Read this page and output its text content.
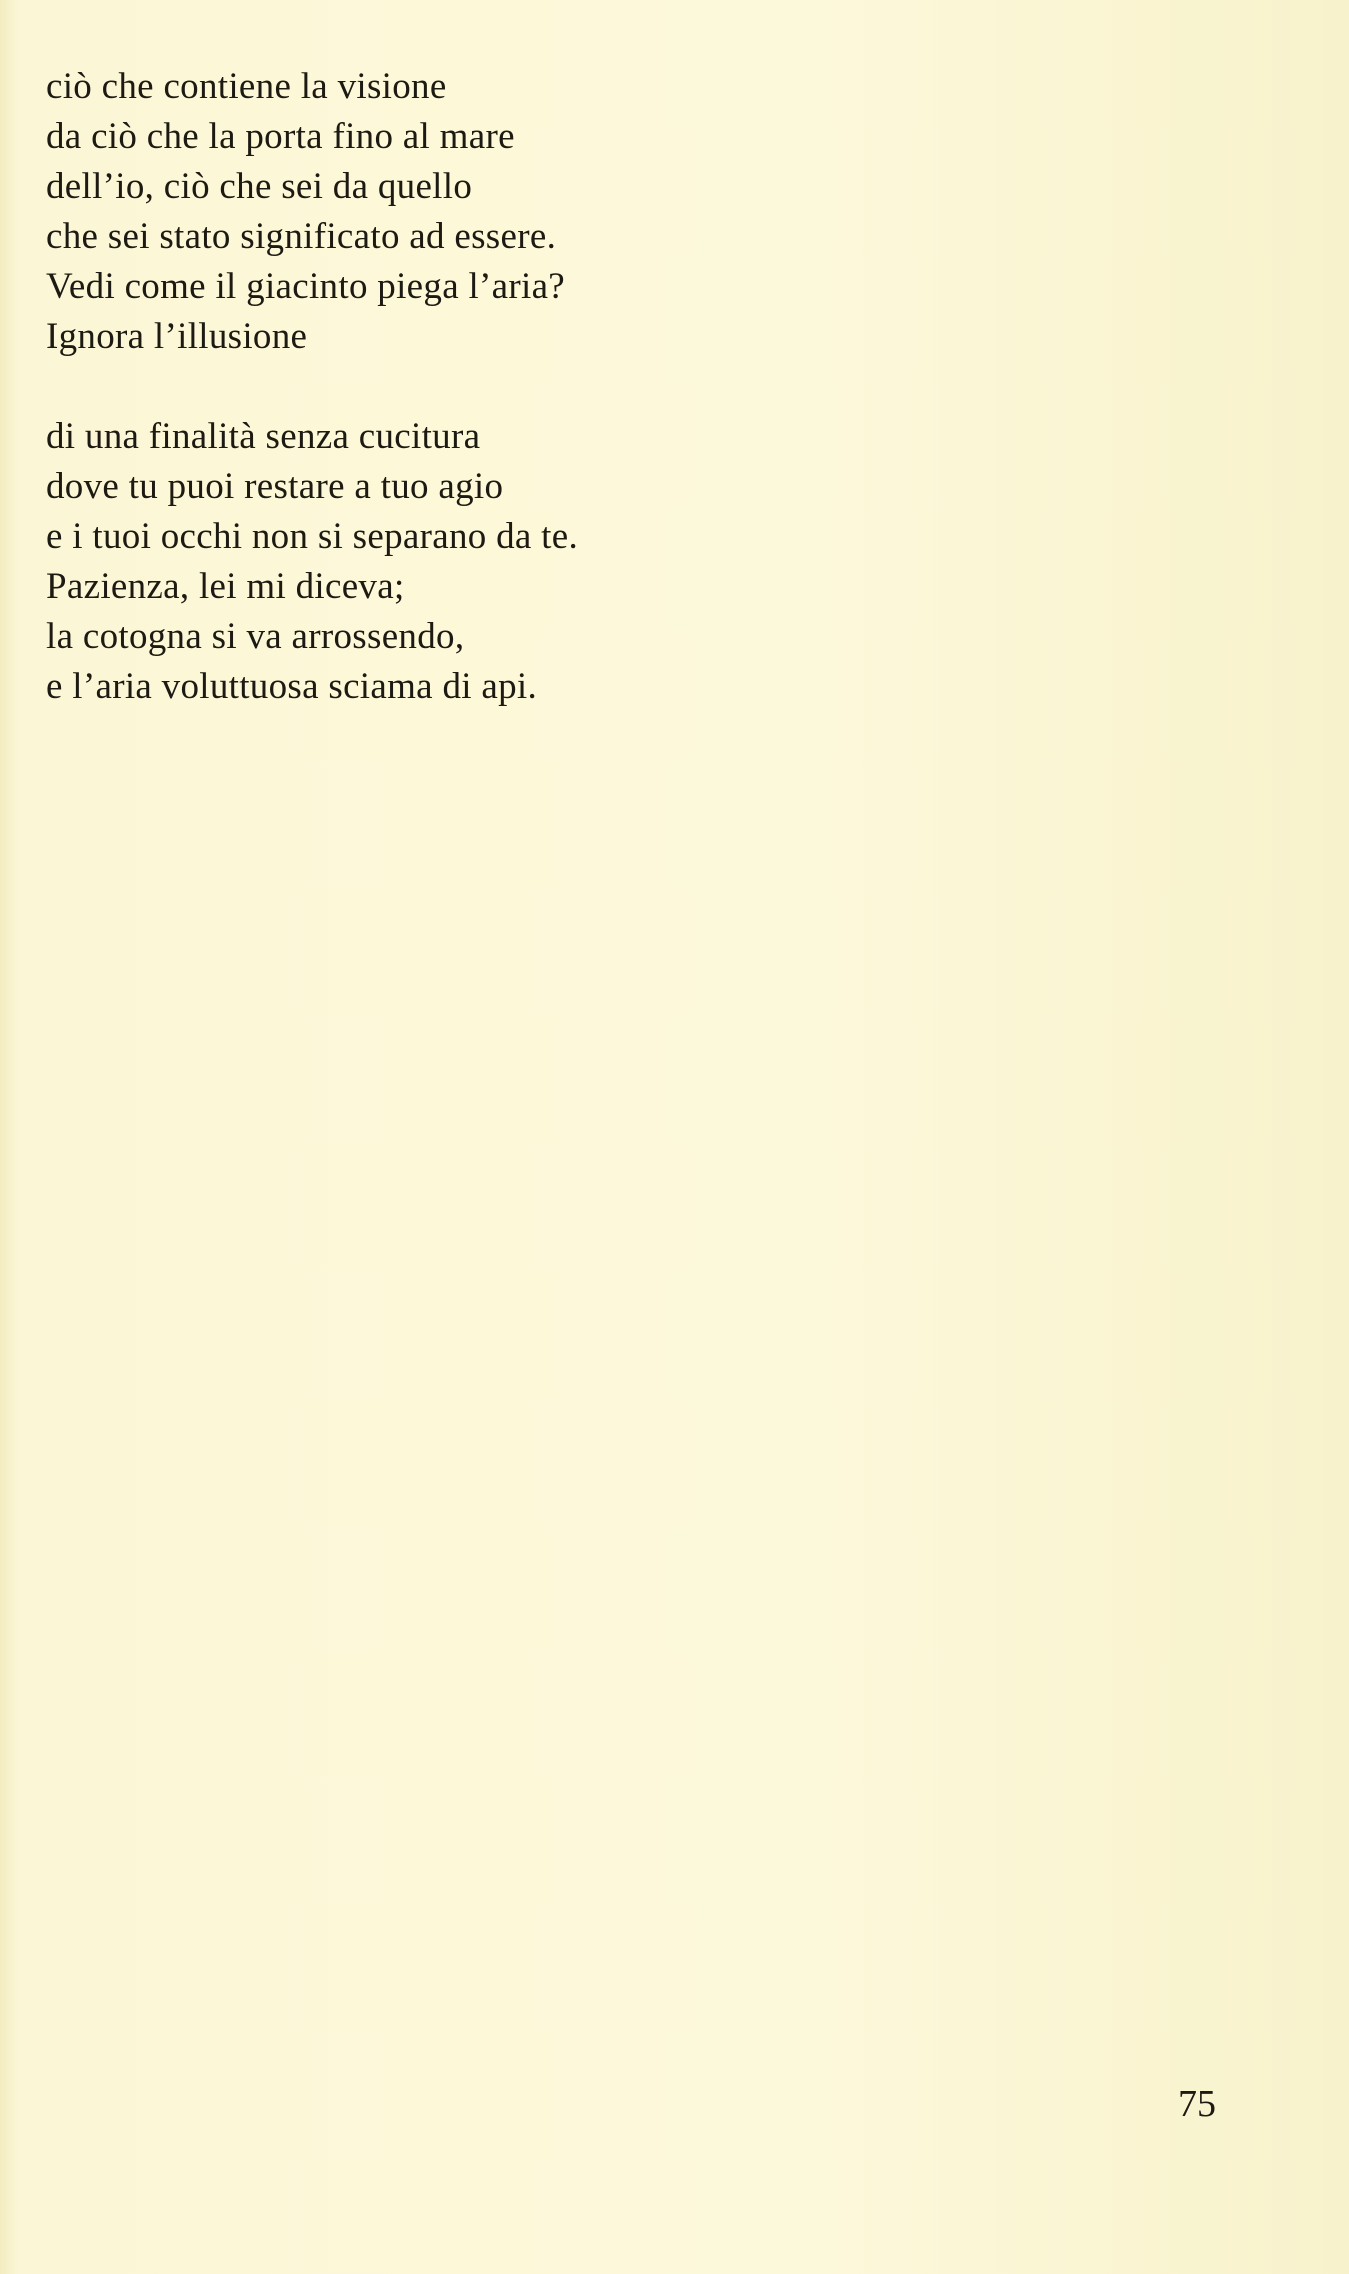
ciò che contiene la visione
da ciò che la porta fino al mare
dell’io, ciò che sei da quello
che sei stato significato ad essere.
Vedi come il giacinto piega l’aria?
Ignora l’illusione
di una finalità senza cucitura
dove tu puoi restare a tuo agio
e i tuoi occhi non si separano da te.
Pazienza, lei mi diceva;
la cotogna si va arrossendo,
e l’aria voluttuosa sciama di api.
75
